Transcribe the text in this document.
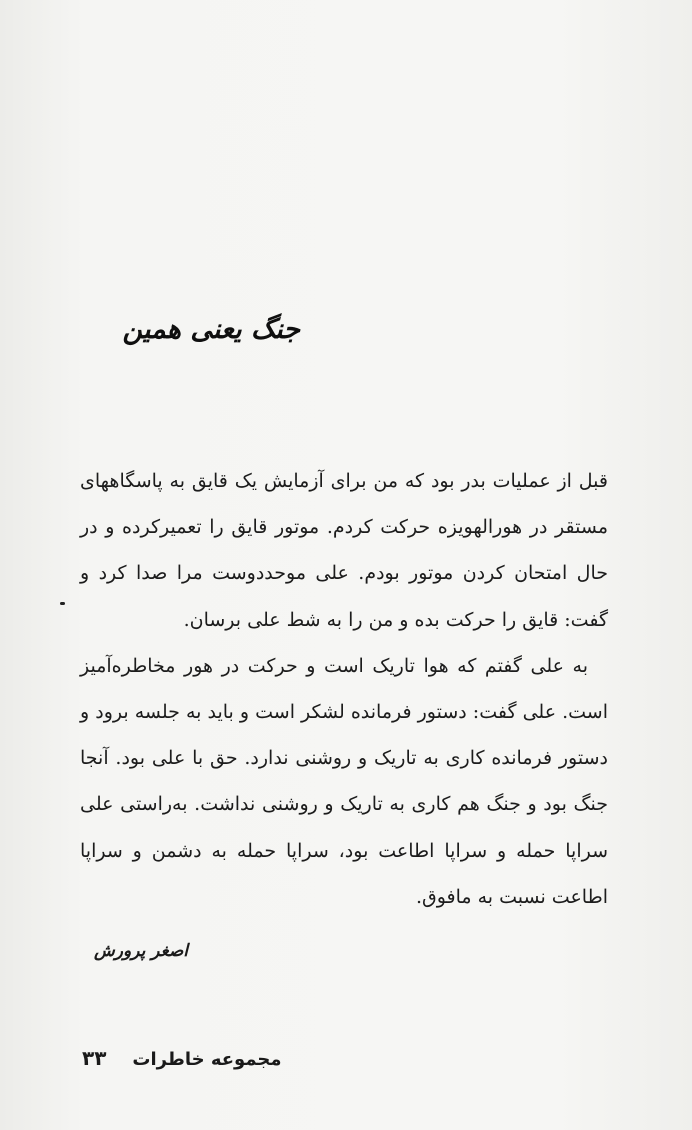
جنگ یعنی همین

قبل از عملیات بدر بود که من برای آزمایش یک قایق به پاسگاههای مستقر در هورالهویزه حرکت کردم. موتور قایق را تعمیرکرده و در حال امتحان کردن موتور بودم. علی موحددوست مرا صدا کرد و گفت: قایق را حرکت بده و من را به شط علی برسان.

به علی گفتم که هوا تاریک است و حرکت در هور مخاطره‌آمیز است. علی گفت: دستور فرمانده لشکر است و باید به جلسه برود و دستور فرمانده کاری به تاریک و روشنی ندارد. حق با علی بود. آنجا جنگ بود و جنگ هم کاری به تاریک و روشنی نداشت. به‌راستی علی سراپا حمله و سراپا اطاعت بود، سراپا حمله به دشمن و سراپا اطاعت نسبت به مافوق.

اصغر پرورش
مجموعه خاطرات۳۳
